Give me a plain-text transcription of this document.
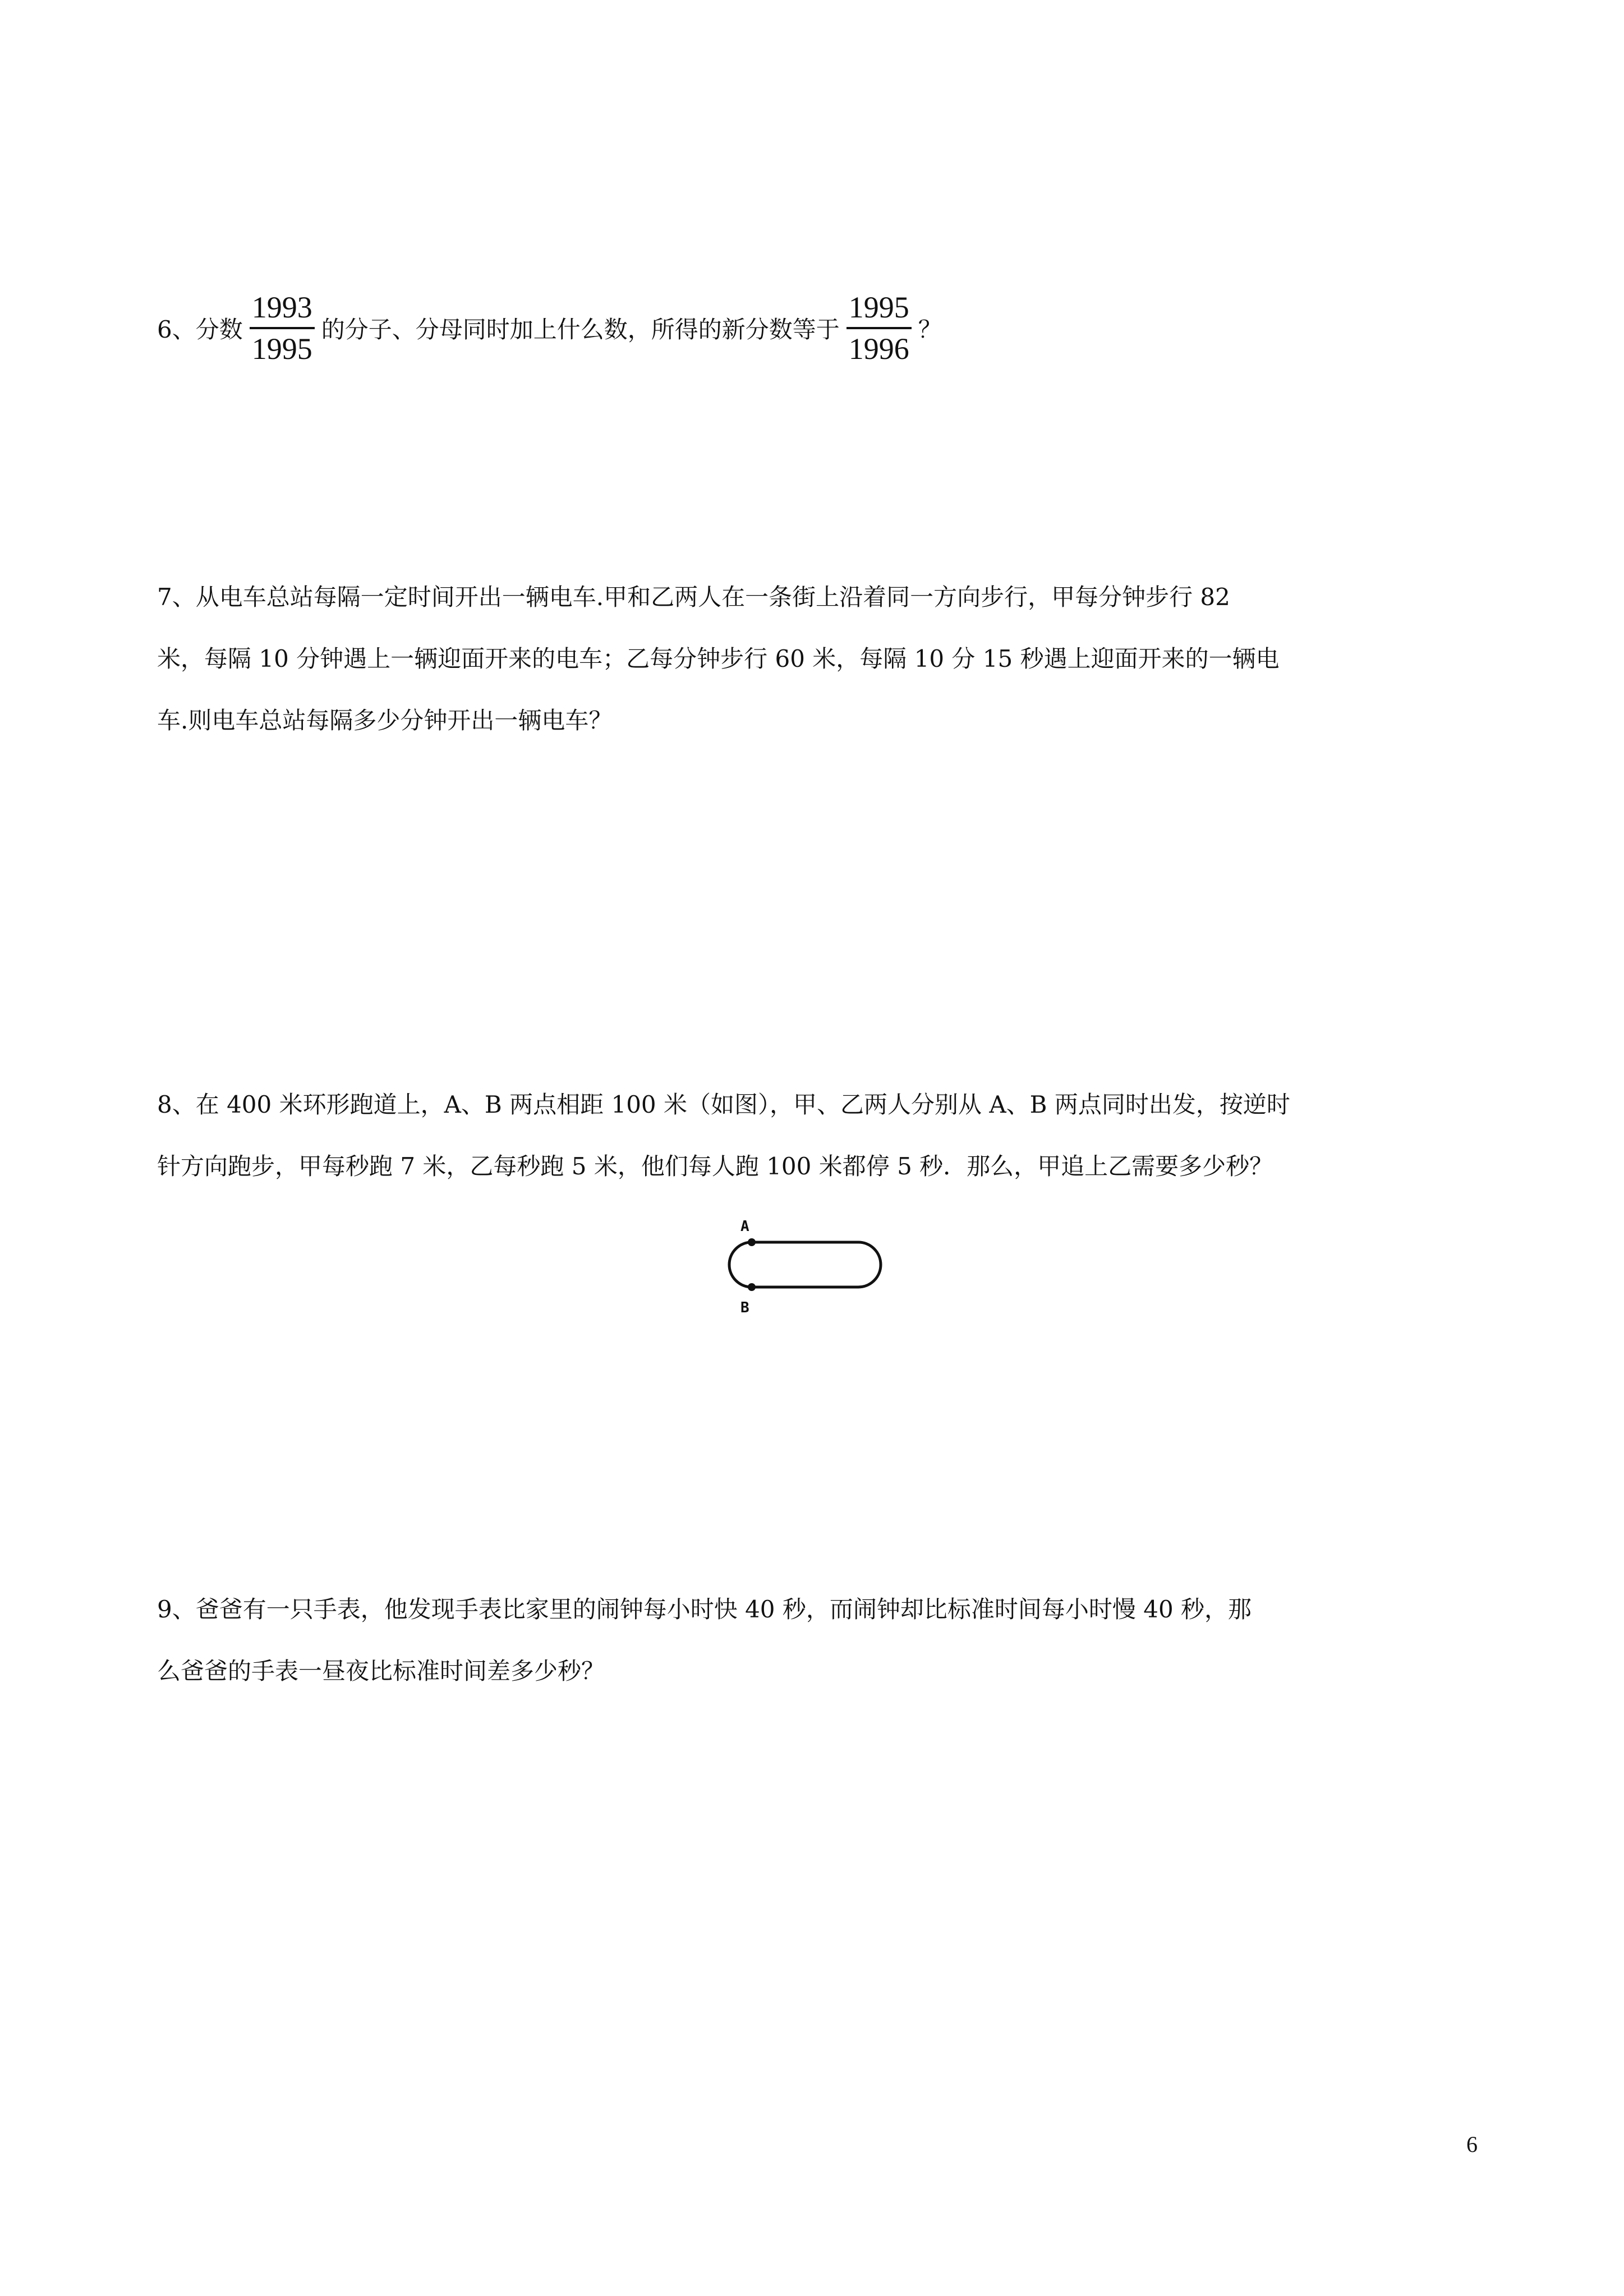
6、分数 $\frac{1993}{1995}$ 的分子、分母同时加上什么数，所得的新分数等于 $\frac{1995}{1996}$ ？
7、从电车总站每隔一定时间开出一辆电车.甲和乙两人在一条街上沿着同一方向步行，甲每分钟步行 82
米，每隔 10 分钟遇上一辆迎面开来的电车；乙每分钟步行 60 米，每隔 10 分 15 秒遇上迎面开来的一辆电
车.则电车总站每隔多少分钟开出一辆电车？
8、在 400 米环形跑道上，A、B 两点相距 100 米（如图），甲、乙两人分别从 A、B 两点同时出发，按逆时
针方向跑步，甲每秒跑 7 米，乙每秒跑 5 米，他们每人跑 100 米都停 5 秒．那么，甲追上乙需要多少秒？
A
B
9、爸爸有一只手表，他发现手表比家里的闹钟每小时快 40 秒，而闹钟却比标准时间每小时慢 40 秒，那
么爸爸的手表一昼夜比标准时间差多少秒？
6
